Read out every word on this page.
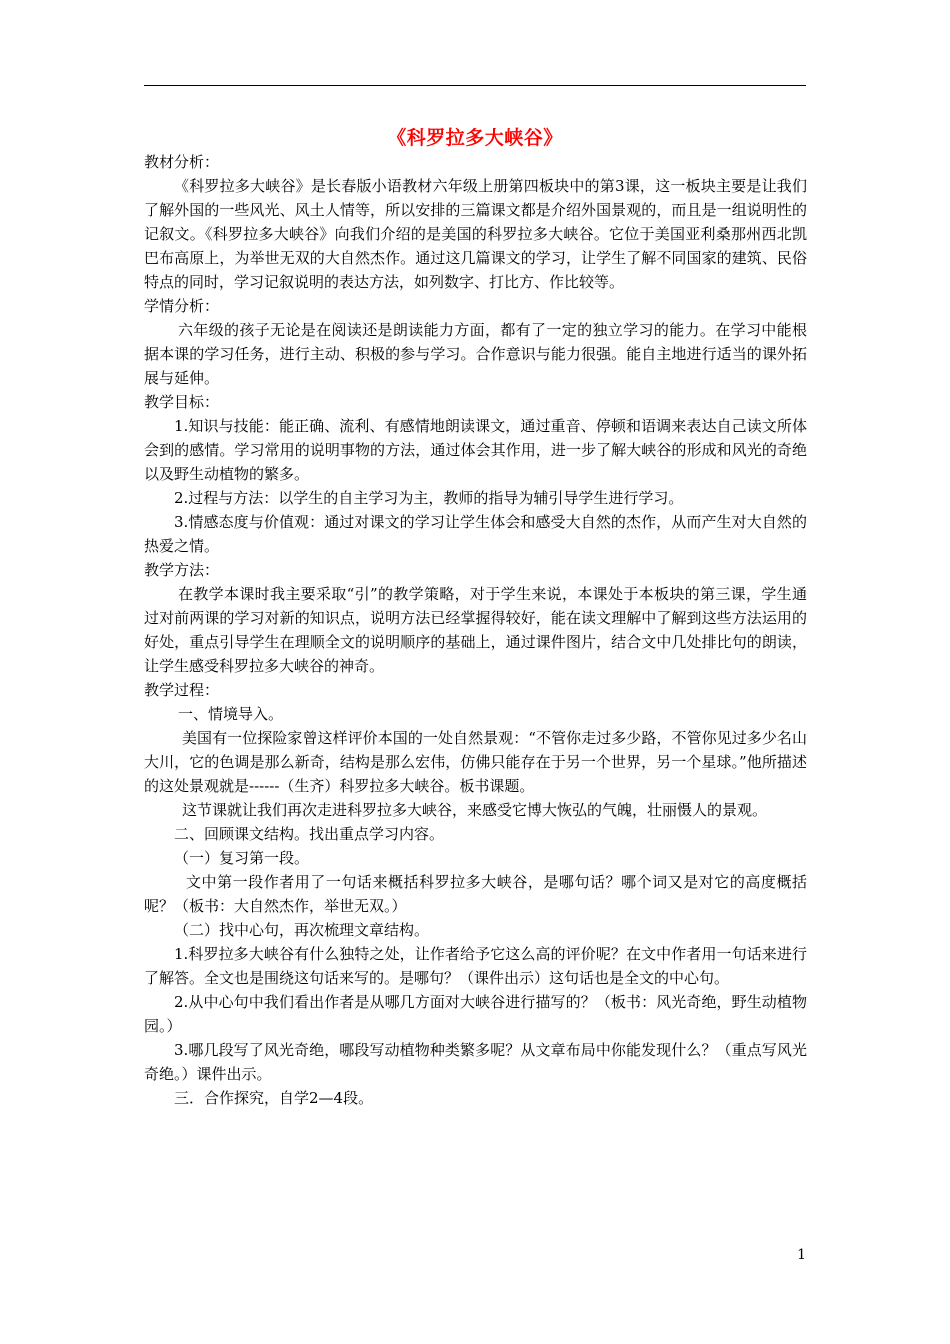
《科罗拉多大峡谷》

教材分析：

《科罗拉多大峡谷》是长春版小语教材六年级上册第四板块中的第3课，这一板块主要是让我们了解外国的一些风光、风土人情等，所以安排的三篇课文都是介绍外国景观的，而且是一组说明性的记叙文。《科罗拉多大峡谷》向我们介绍的是美国的科罗拉多大峡谷。它位于美国亚利桑那州西北凯巴布高原上，为举世无双的大自然杰作。通过这几篇课文的学习，让学生了解不同国家的建筑、民俗特点的同时，学习记叙说明的表达方法，如列数字、打比方、作比较等。

学情分析：

六年级的孩子无论是在阅读还是朗读能力方面，都有了一定的独立学习的能力。在学习中能根据本课的学习任务，进行主动、积极的参与学习。合作意识与能力很强。能自主地进行适当的课外拓展与延伸。

教学目标：

1.知识与技能：能正确、流利、有感情地朗读课文，通过重音、停顿和语调来表达自己读文所体会到的感情。学习常用的说明事物的方法，通过体会其作用，进一步了解大峡谷的形成和风光的奇绝以及野生动植物的繁多。

2.过程与方法：以学生的自主学习为主，教师的指导为辅引导学生进行学习。

3.情感态度与价值观：通过对课文的学习让学生体会和感受大自然的杰作，从而产生对大自然的热爱之情。

教学方法：

在教学本课时我主要采取“引”的教学策略，对于学生来说，本课处于本板块的第三课，学生通过对前两课的学习对新的知识点，说明方法已经掌握得较好，能在读文理解中了解到这些方法运用的好处，重点引导学生在理顺全文的说明顺序的基础上，通过课件图片，结合文中几处排比句的朗读，让学生感受科罗拉多大峡谷的神奇。

教学过程：

一、情境导入。

美国有一位探险家曾这样评价本国的一处自然景观：“不管你走过多少路，不管你见过多少名山大川，它的色调是那么新奇，结构是那么宏伟，仿佛只能存在于另一个世界，另一个星球。”他所描述的这处景观就是------（生齐）科罗拉多大峡谷。板书课题。

这节课就让我们再次走进科罗拉多大峡谷，来感受它博大恢弘的气魄，壮丽慑人的景观。

二、回顾课文结构。找出重点学习内容。

（一）复习第一段。

文中第一段作者用了一句话来概括科罗拉多大峡谷，是哪句话？哪个词又是对它的高度概括呢？（板书：大自然杰作，举世无双。）

（二）找中心句，再次梳理文章结构。

1.科罗拉多大峡谷有什么独特之处，让作者给予它这么高的评价呢？在文中作者用一句话来进行了解答。全文也是围绕这句话来写的。是哪句？（课件出示）这句话也是全文的中心句。

2.从中心句中我们看出作者是从哪几方面对大峡谷进行描写的？（板书：风光奇绝，野生动植物园。）

3.哪几段写了风光奇绝，哪段写动植物种类繁多呢？从文章布局中你能发现什么？（重点写风光奇绝。）课件出示。

三．合作探究，自学2—4段。

1
